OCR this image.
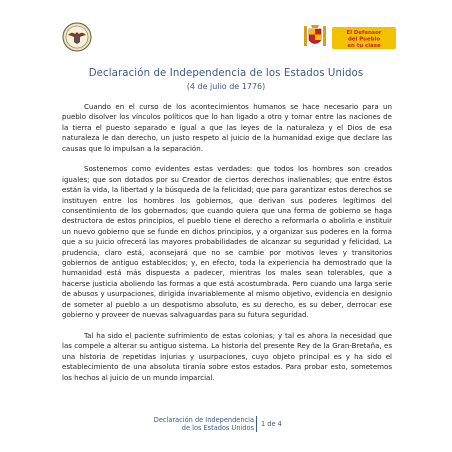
El Defensor
del Pueblo
en tu clase
Declaración de Independencia de los Estados Unidos
(4 de julio de 1776)

Cuando en el curso de los acontecimientos humanos se hace necesario para un pueblo disolver los vínculos políticos que lo han ligado a otro y tomar entre las naciones de la tierra el puesto separado e igual a que las leyes de la naturaleza y el Dios de esa naturaleza le dan derecho, un justo respeto al juicio de la humanidad exige que declare las causas que lo impulsan a la separación.

Sostenemos como evidentes estas verdades: que todos los hombres son creados iguales; que son dotados por su Creador de ciertos derechos inalienables; que entre éstos están la vida, la libertad y la búsqueda de la felicidad; que para garantizar estos derechos se instituyen entre los hombres los gobiernos, que derivan sus poderes legítimos del consentimiento de los gobernados; que cuando quiera que una forma de gobierno se haga destructora de estos principios, el pueblo tiene el derecho a reformarla o abolirla e instituir un nuevo gobierno que se funde en dichos principios, y a organizar sus poderes en la forma que a su juicio ofrecerá las mayores probabilidades de alcanzar su seguridad y felicidad. La prudencia, claro está, aconsejará que no se cambie por motivos leves y transitorios gobiernos de antiguo establecidos; y, en efecto, toda la experiencia ha demostrado que la humanidad está más dispuesta a padecer, mientras los males sean tolerables, que a hacerse justicia aboliendo las formas a que está acostumbrada. Pero cuando una larga serie de abusos y usurpaciones, dirigida invariablemente al mismo objetivo, evidencia en designio de someter al pueblo a un despotismo absoluto, es su derecho, es su deber, derrocar ese gobierno y proveer de nuevas salvaguardas para su futura seguridad.

Tal ha sido el paciente sufrimiento de estas colonias; y tal es ahora la necesidad que las compele a alterar su antiguo sistema. La historia del presente Rey de la Gran-Bretaña, es una historia de repetidas injurias y usurpaciones, cuyo objeto principal es y ha sido el establecimiento de una absoluta tiranía sobre estos estados. Para probar esto, sometemos los hechos al juicio de un mundo imparcial.

Declaración de Independencia
de los Estados Unidos 1 de 4
